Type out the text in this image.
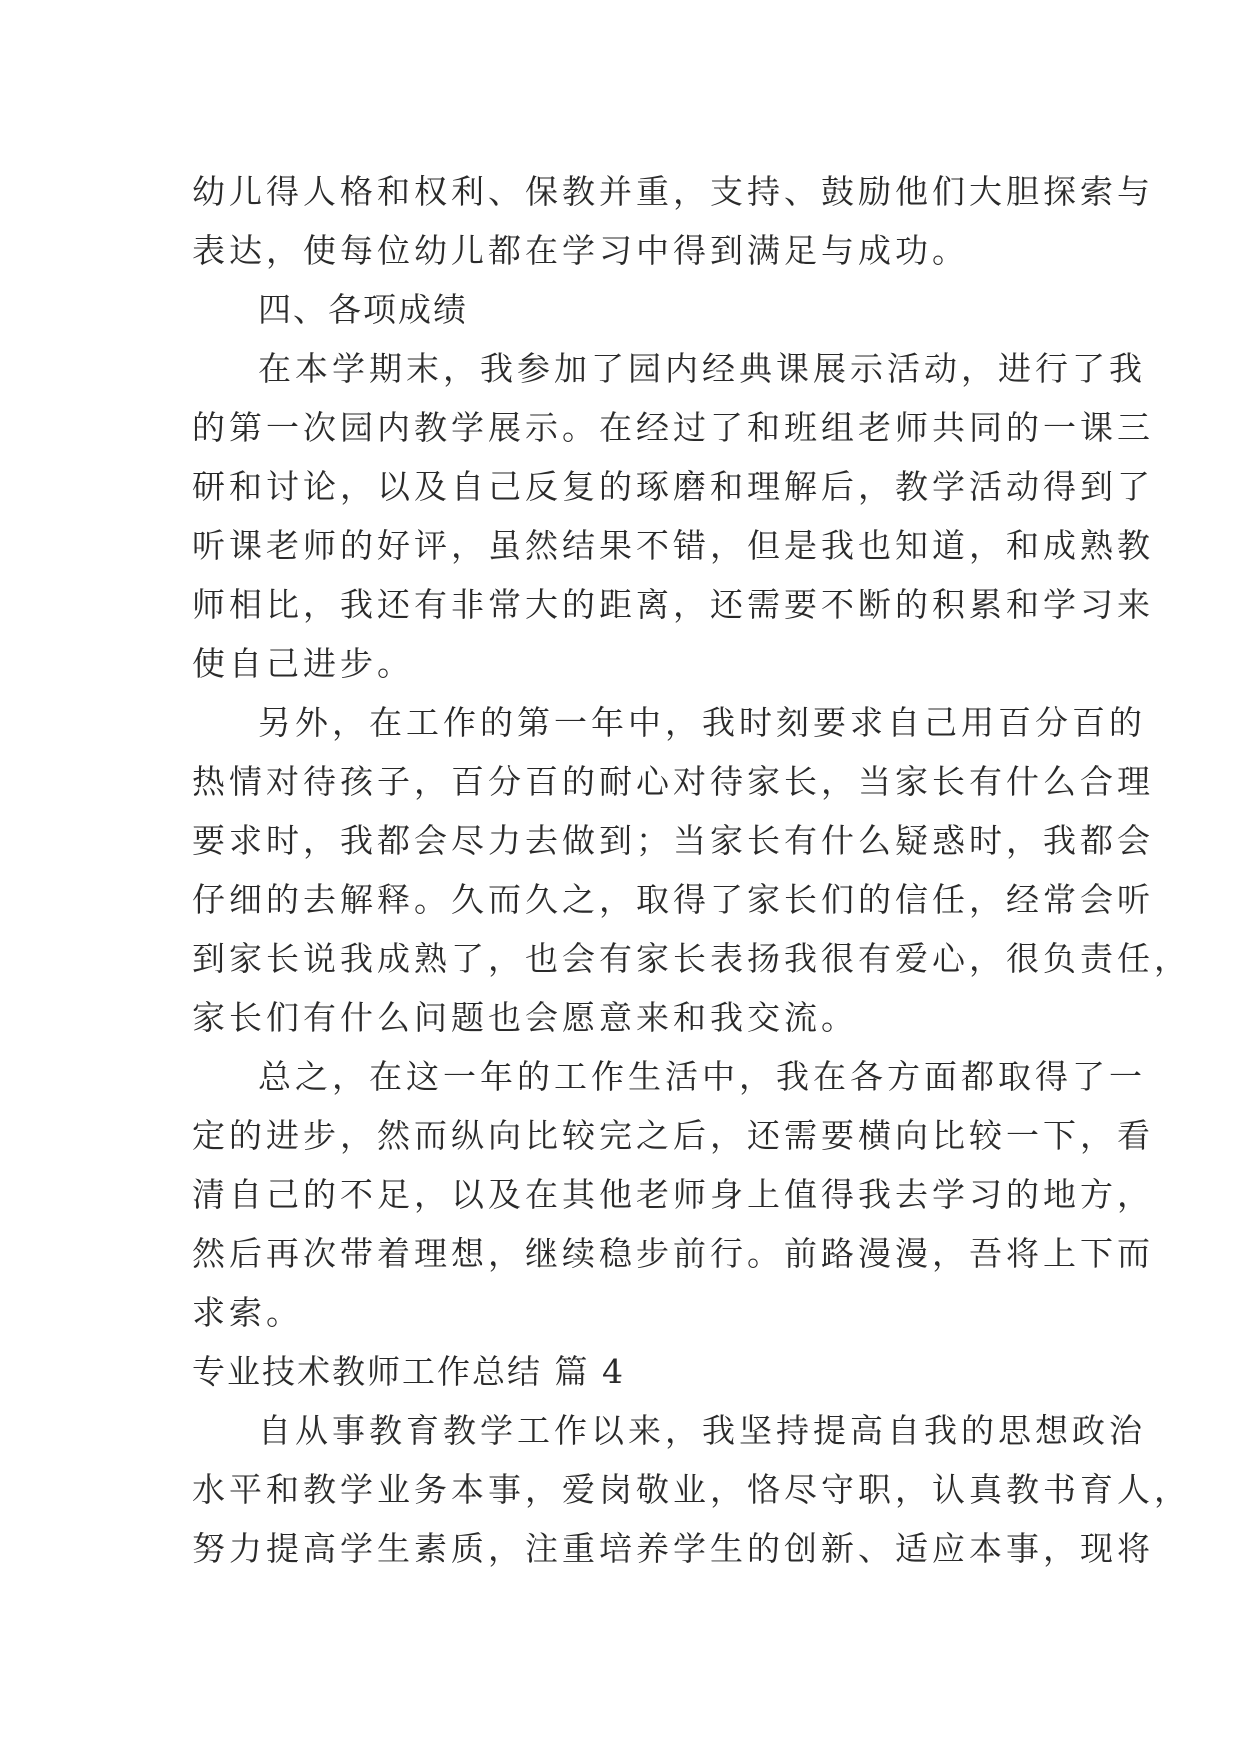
幼儿得人格和权利、保教并重，支持、鼓励他们大胆探索与
表达，使每位幼儿都在学习中得到满足与成功。
四、各项成绩
在本学期末，我参加了园内经典课展示活动，进行了我
的第一次园内教学展示。在经过了和班组老师共同的一课三
研和讨论，以及自己反复的琢磨和理解后，教学活动得到了
听课老师的好评，虽然结果不错，但是我也知道，和成熟教
师相比，我还有非常大的距离，还需要不断的积累和学习来
使自己进步。
另外，在工作的第一年中，我时刻要求自己用百分百的
热情对待孩子，百分百的耐心对待家长，当家长有什么合理
要求时，我都会尽力去做到；当家长有什么疑惑时，我都会
仔细的去解释。久而久之，取得了家长们的信任，经常会听
到家长说我成熟了，也会有家长表扬我很有爱心，很负责任，
家长们有什么问题也会愿意来和我交流。
总之，在这一年的工作生活中，我在各方面都取得了一
定的进步，然而纵向比较完之后，还需要横向比较一下，看
清自己的不足，以及在其他老师身上值得我去学习的地方，
然后再次带着理想，继续稳步前行。前路漫漫，吾将上下而
求索。
专业技术教师工作总结 篇 4
自从事教育教学工作以来，我坚持提高自我的思想政治
水平和教学业务本事，爱岗敬业，恪尽守职，认真教书育人，
努力提高学生素质，注重培养学生的创新、适应本事，现将
